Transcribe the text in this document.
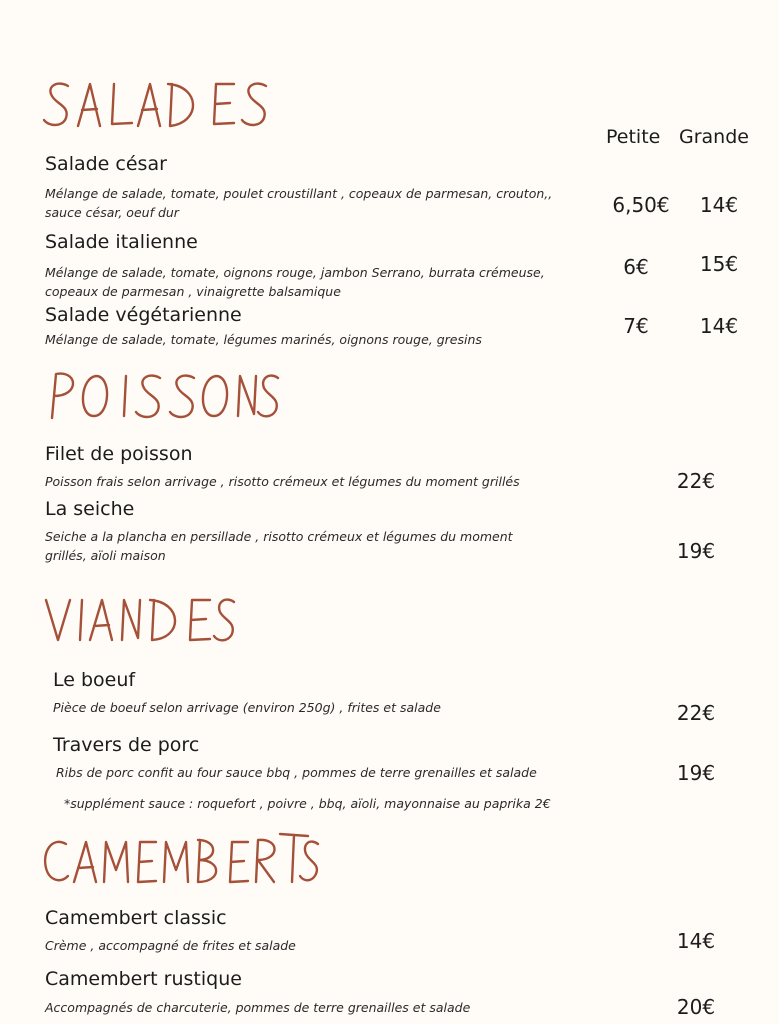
Petite Grande
Salade césar
Mélange de salade, tomate, poulet croustillant , copeaux de parmesan, crouton,, sauce césar, oeuf dur	6,50€	14€
Salade italienne
Mélange de salade, tomate, oignons rouge, jambon Serrano, burrata crémeuse, copeaux de parmesan , vinaigrette balsamique
6€	15€
Salade végétarienne
Mélange de salade, tomate, légumes marinés, oignons rouge, gresins
7€	14€
Filet de poisson
Poisson frais selon arrivage , risotto crémeux et légumes du moment grillés	22€
La seiche
Seiche a la plancha en persillade , risotto crémeux et légumes du moment grillés, aïoli maison	19€
Le boeuf
Pièce de boeuf selon arrivage (environ 250g) , frites et salade	22€
Travers de porc
Ribs de porc confit au four sauce bbq , pommes de terre grenailles et salade	19€
*supplément sauce : roquefort , poivre , bbq, aïoli, mayonnaise au paprika 2€
Camembert classic
Crème , accompagné de frites et salade	14€
Camembert rustique
Accompagnés de charcuterie, pommes de terre grenailles et salade	20€
